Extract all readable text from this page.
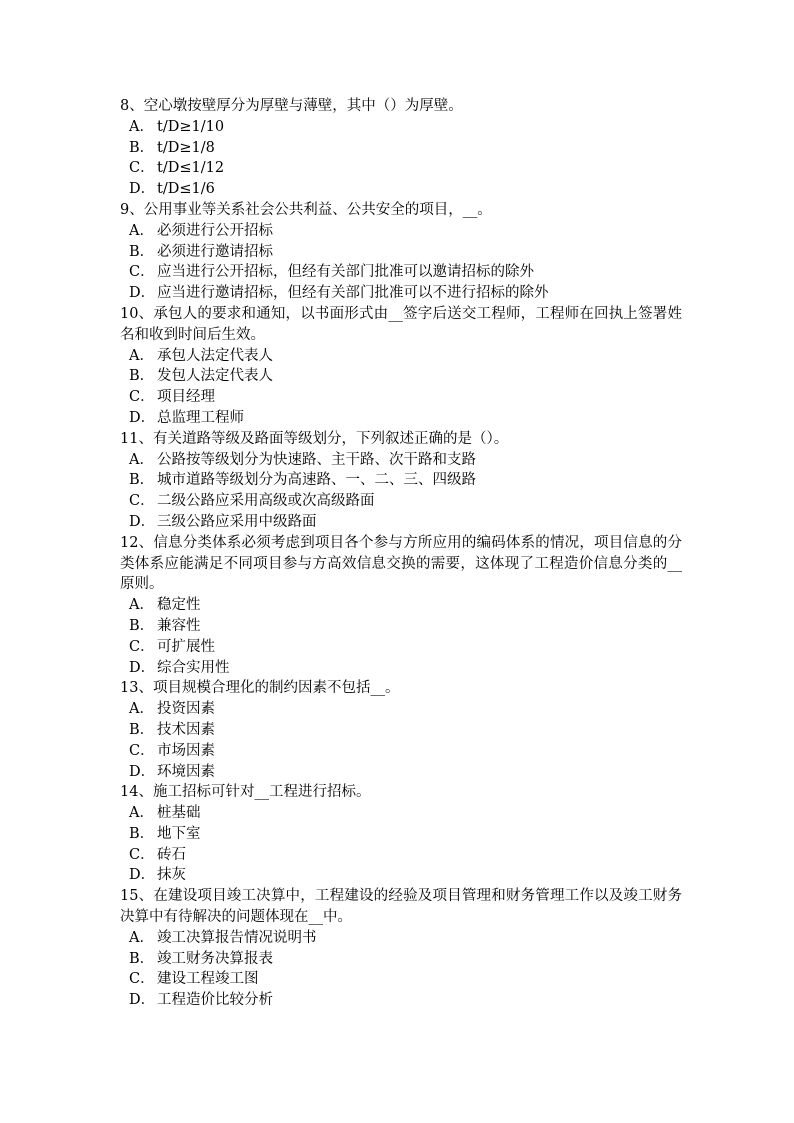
8、空心墩按壁厚分为厚壁与薄壁，其中（）为厚壁。

A． t/D≥1/10

B． t/D≥1/8

C． t/D≤1/12

D． t/D≤1/6

9、公用事业等关系社会公共利益、公共安全的项目，__。

A． 必须进行公开招标

B． 必须进行邀请招标

C． 应当进行公开招标，但经有关部门批准可以邀请招标的除外

D． 应当进行邀请招标，但经有关部门批准可以不进行招标的除外

10、承包人的要求和通知，以书面形式由__签字后送交工程师，工程师在回执上签署姓名和收到时间后生效。

A． 承包人法定代表人

B． 发包人法定代表人

C． 项目经理

D． 总监理工程师

11、有关道路等级及路面等级划分，下列叙述正确的是（）。

A． 公路按等级划分为快速路、主干路、次干路和支路

B． 城市道路等级划分为高速路、一、二、三、四级路

C． 二级公路应采用高级或次高级路面

D． 三级公路应采用中级路面

12、信息分类体系必须考虑到项目各个参与方所应用的编码体系的情况，项目信息的分类体系应能满足不同项目参与方高效信息交换的需要，这体现了工程造价信息分类的__原则。

A． 稳定性

B． 兼容性

C． 可扩展性

D． 综合实用性

13、项目规模合理化的制约因素不包括__。

A． 投资因素

B． 技术因素

C． 市场因素

D． 环境因素

14、施工招标可针对__工程进行招标。

A． 桩基础

B． 地下室

C． 砖石

D． 抹灰

15、在建设项目竣工决算中，工程建设的经验及项目管理和财务管理工作以及竣工财务决算中有待解决的问题体现在__中。

A． 竣工决算报告情况说明书

B． 竣工财务决算报表

C． 建设工程竣工图

D． 工程造价比较分析
